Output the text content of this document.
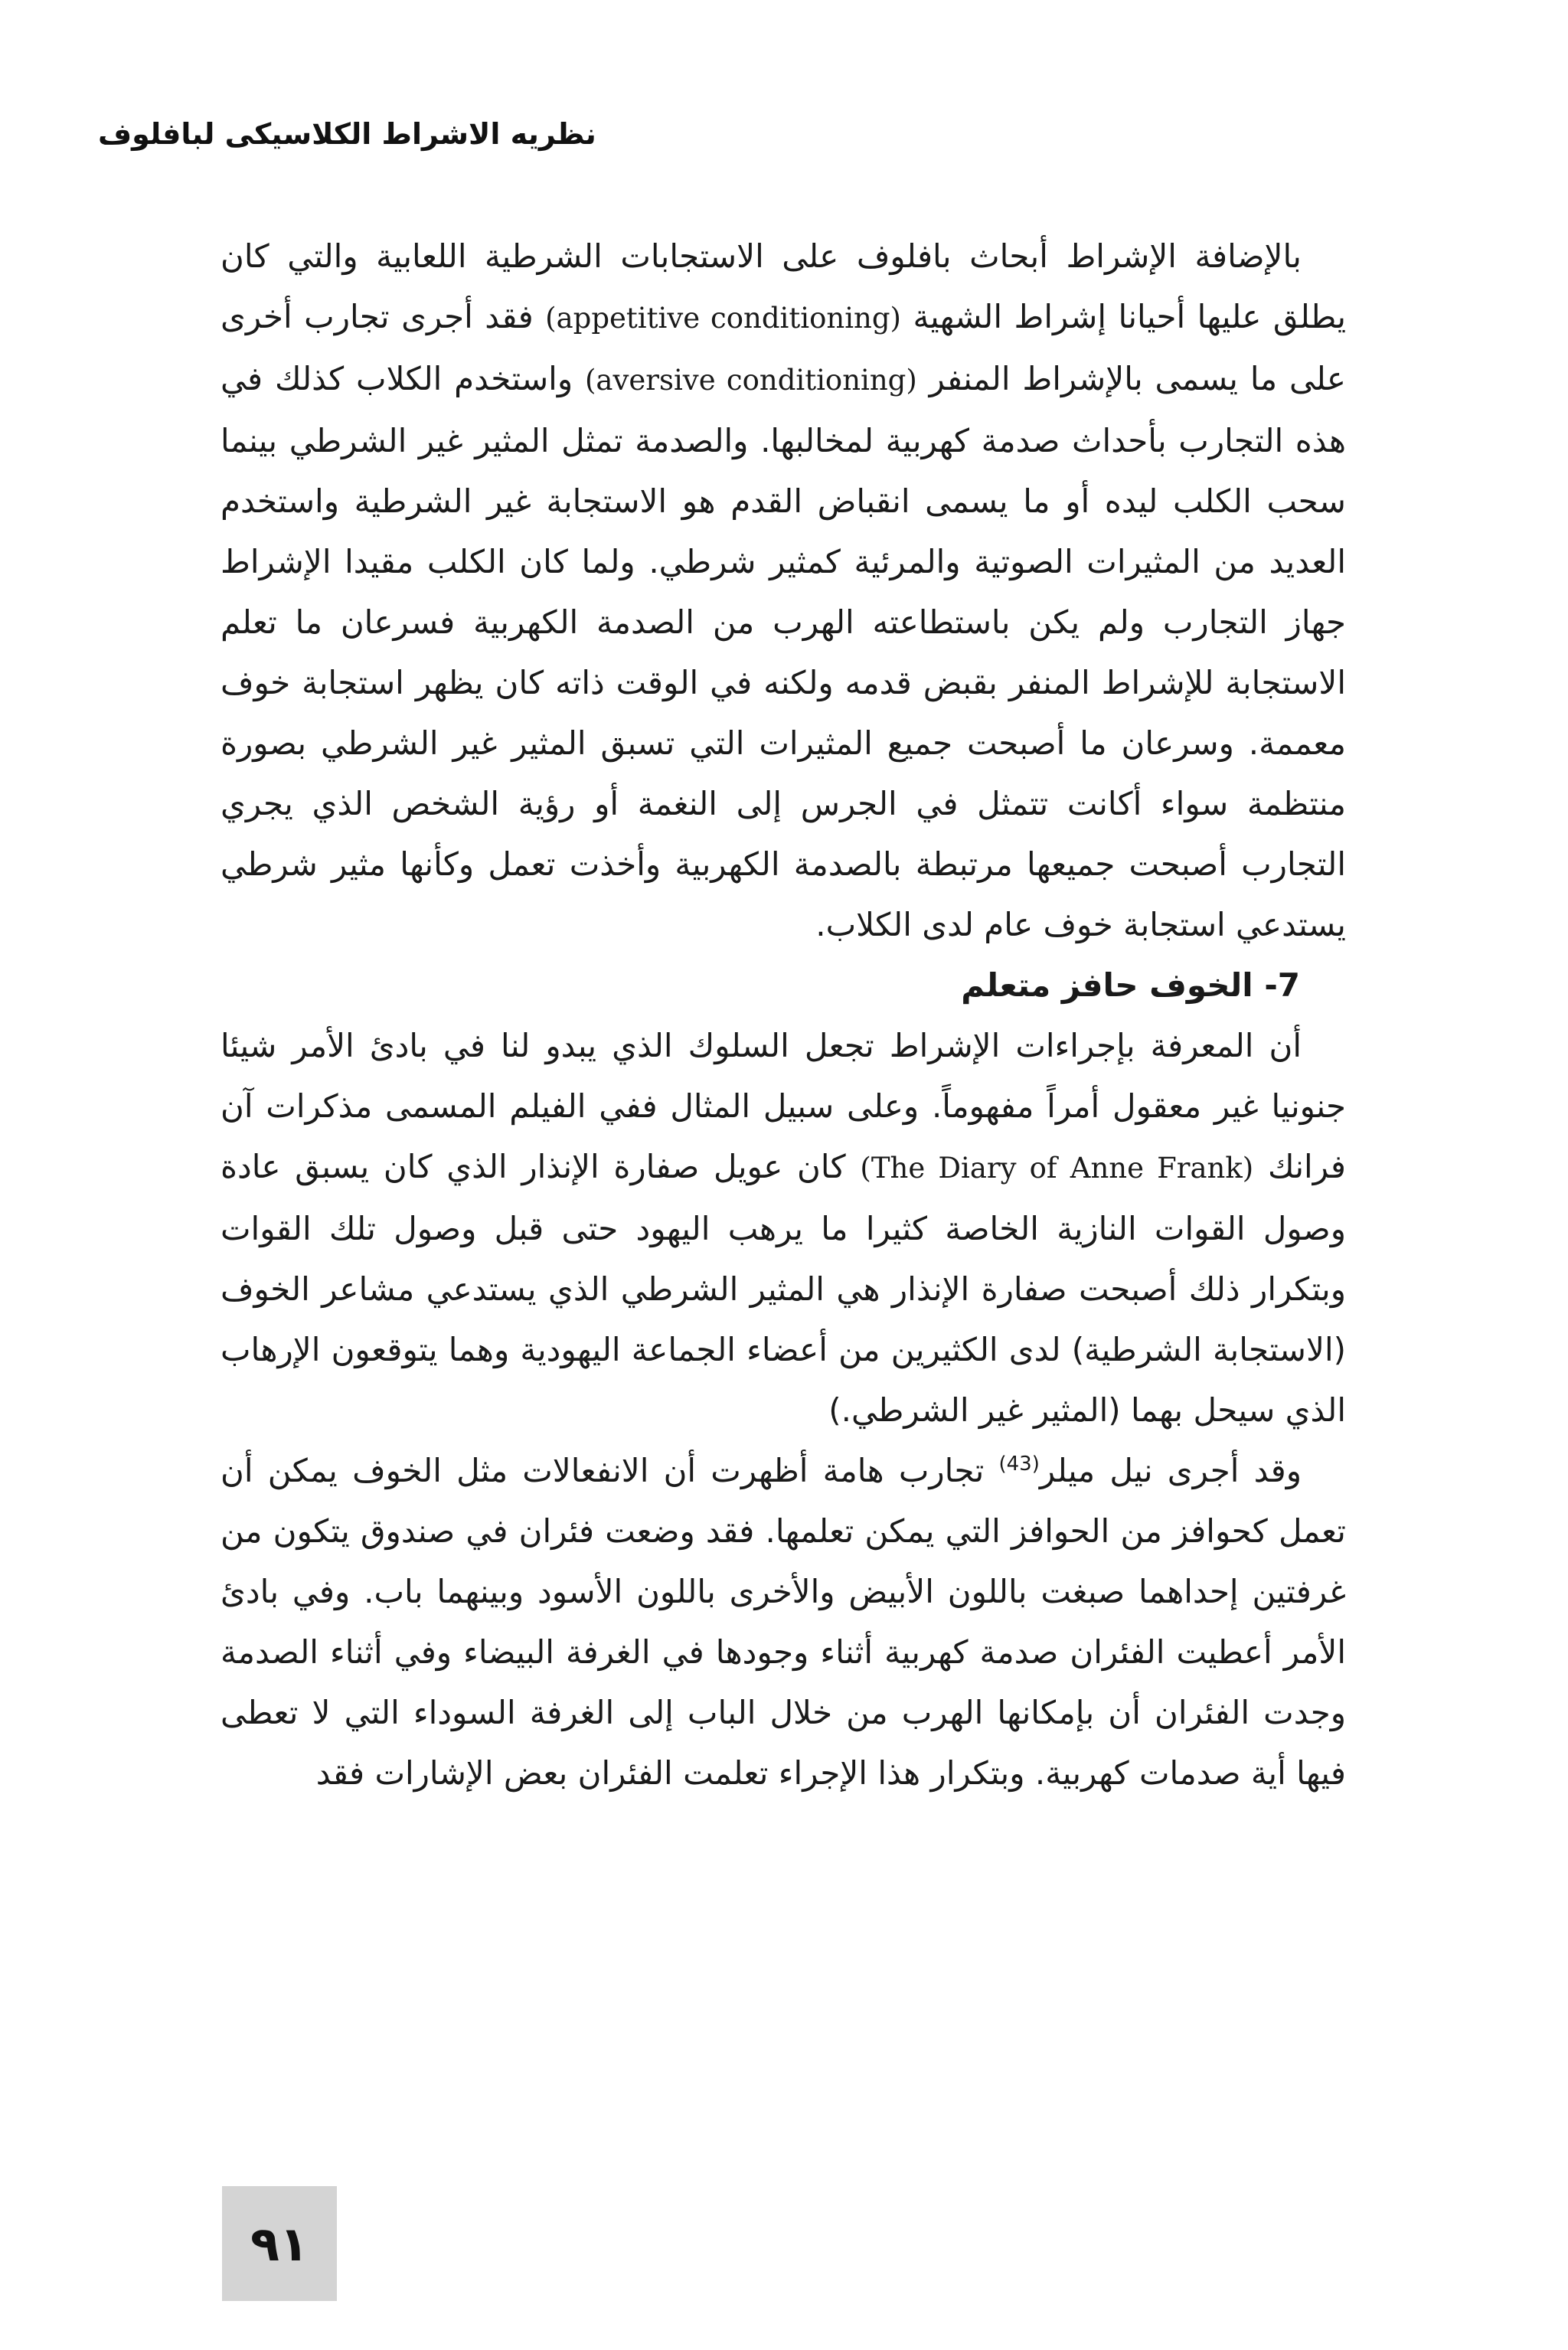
نظريه الاشراط الكلاسيكى لبافلوف

بالإضافة الإشراط أبحاث بافلوف على الاستجابات الشرطية اللعابية والتي كان يطلق عليها أحيانا إشراط الشهية (appetitive conditioning) فقد أجرى تجارب أخرى على ما يسمى بالإشراط المنفر (aversive conditioning) واستخدم الكلاب كذلك في هذه التجارب بأحداث صدمة كهربية لمخالبها. والصدمة تمثل المثير غير الشرطي بينما سحب الكلب ليده أو ما يسمى انقباض القدم هو الاستجابة غير الشرطية واستخدم العديد من المثيرات الصوتية والمرئية كمثير شرطي. ولما كان الكلب مقيدا الإشراط جهاز التجارب ولم يكن باستطاعته الهرب من الصدمة الكهربية فسرعان ما تعلم الاستجابة للإشراط المنفر بقبض قدمه ولكنه في الوقت ذاته كان يظهر استجابة خوف معممة. وسرعان ما أصبحت جميع المثيرات التي تسبق المثير غير الشرطي بصورة منتظمة سواء أكانت تتمثل في الجرس إلى النغمة أو رؤية الشخص الذي يجري التجارب أصبحت جميعها مرتبطة بالصدمة الكهربية وأخذت تعمل وكأنها مثير شرطي يستدعي استجابة خوف عام لدى الكلاب.

7- الخوف حافز متعلم

أن المعرفة بإجراءات الإشراط تجعل السلوك الذي يبدو لنا في بادئ الأمر شيئا جنونيا غير معقول أمراً مفهوماً. وعلى سبيل المثال ففي الفيلم المسمى مذكرات آن فرانك (The Diary of Anne Frank) كان عويل صفارة الإنذار الذي كان يسبق عادة وصول القوات النازية الخاصة كثيرا ما يرهب اليهود حتى قبل وصول تلك القوات وبتكرار ذلك أصبحت صفارة الإنذار هي المثير الشرطي الذي يستدعي مشاعر الخوف (الاستجابة الشرطية) لدى الكثيرين من أعضاء الجماعة اليهودية وهما يتوقعون الإرهاب الذي سيحل بهما (المثير غير الشرطي.)

وقد أجرى نيل ميلر$^{(43)}$ تجارب هامة أظهرت أن الانفعالات مثل الخوف يمكن أن تعمل كحوافز من الحوافز التي يمكن تعلمها. فقد وضعت فئران في صندوق يتكون من غرفتين إحداهما صبغت باللون الأبيض والأخرى باللون الأسود وبينهما باب. وفي بادئ الأمر أعطيت الفئران صدمة كهربية أثناء وجودها في الغرفة البيضاء وفي أثناء الصدمة وجدت الفئران أن بإمكانها الهرب من خلال الباب إلى الغرفة السوداء التي لا تعطى فيها أية صدمات كهربية. وبتكرار هذا الإجراء تعلمت الفئران بعض الإشارات فقد

٩١
